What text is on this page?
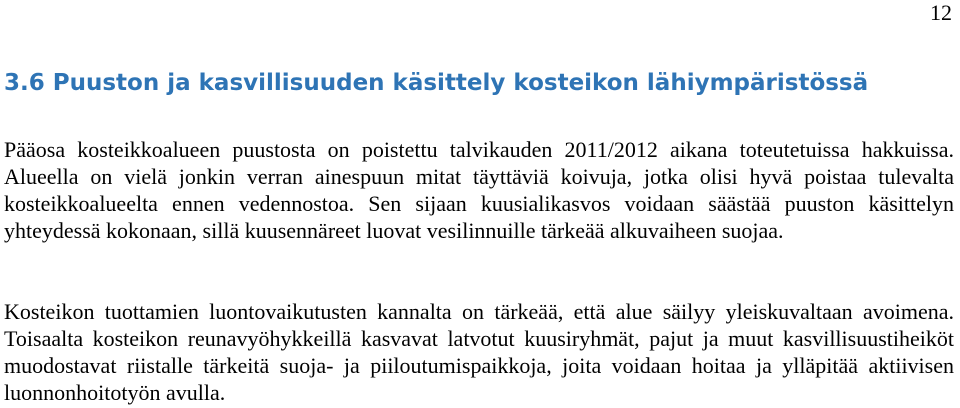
12
3.6 Puuston ja kasvillisuuden käsittely kosteikon lähiympäristössä

Pääosa kosteikkoalueen puustosta on poistettu talvikauden 2011/2012 aikana toteutetuissa hakkuissa. Alueella on vielä jonkin verran ainespuun mitat täyttäviä koivuja, jotka olisi hyvä poistaa tulevalta kosteikkoalueelta ennen vedennostoa. Sen sijaan kuusialikasvos voidaan säästää puuston käsittelyn yhteydessä kokonaan, sillä kuusennäreet luovat vesilinnuille tärkeää alkuvaiheen suojaa.

Kosteikon tuottamien luontovaikutusten kannalta on tärkeää, että alue säilyy yleiskuvaltaan avoimena. Toisaalta kosteikon reunavyöhykkeillä kasvavat latvotut kuusiryhmät, pajut ja muut kasvillisuustiheiköt muodostavat riistalle tärkeitä suoja- ja piiloutumispaikkoja, joita voidaan hoitaa ja ylläpitää aktiivisen luonnonhoitotyön avulla.
